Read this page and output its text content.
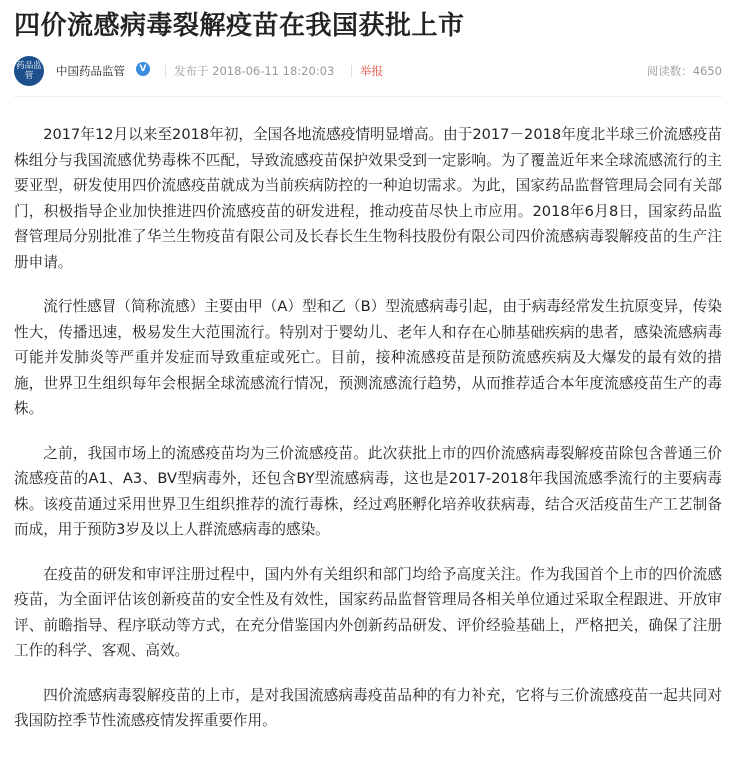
四价流感病毒裂解疫苗在我国获批上市
药品监管	中国药品监管	V	发布于 2018-06-11 18:20:03 举报	阅读数：4650

2017年12月以来至2018年初，全国各地流感疫情明显增高。由于2017－2018年度北半球三价流感疫苗株组分与我国流感优势毒株不匹配，导致流感疫苗保护效果受到一定影响。为了覆盖近年来全球流感流行的主要亚型，研发使用四价流感疫苗就成为当前疾病防控的一种迫切需求。为此，国家药品监督管理局会同有关部门，积极指导企业加快推进四价流感疫苗的研发进程，推动疫苗尽快上市应用。2018年6月8日，国家药品监督管理局分别批准了华兰生物疫苗有限公司及长春长生生物科技股份有限公司四价流感病毒裂解疫苗的生产注册申请。

流行性感冒（简称流感）主要由甲（A）型和乙（B）型流感病毒引起，由于病毒经常发生抗原变异，传染性大，传播迅速，极易发生大范围流行。特别对于婴幼儿、老年人和存在心肺基础疾病的患者，感染流感病毒可能并发肺炎等严重并发症而导致重症或死亡。目前，接种流感疫苗是预防流感疾病及大爆发的最有效的措施，世界卫生组织每年会根据全球流感流行情况，预测流感流行趋势，从而推荐适合本年度流感疫苗生产的毒株。

之前，我国市场上的流感疫苗均为三价流感疫苗。此次获批上市的四价流感病毒裂解疫苗除包含普通三价流感疫苗的A1、A3、BV型病毒外，还包含BY型流感病毒，这也是2017-2018年我国流感季流行的主要病毒株。该疫苗通过采用世界卫生组织推荐的流行毒株，经过鸡胚孵化培养收获病毒，结合灭活疫苗生产工艺制备而成，用于预防3岁及以上人群流感病毒的感染。

在疫苗的研发和审评注册过程中，国内外有关组织和部门均给予高度关注。作为我国首个上市的四价流感疫苗，为全面评估该创新疫苗的安全性及有效性，国家药品监督管理局各相关单位通过采取全程跟进、开放审评、前瞻指导、程序联动等方式，在充分借鉴国内外创新药品研发、评价经验基础上，严格把关，确保了注册工作的科学、客观、高效。

四价流感病毒裂解疫苗的上市，是对我国流感病毒疫苗品种的有力补充，它将与三价流感疫苗一起共同对我国防控季节性流感疫情发挥重要作用。
